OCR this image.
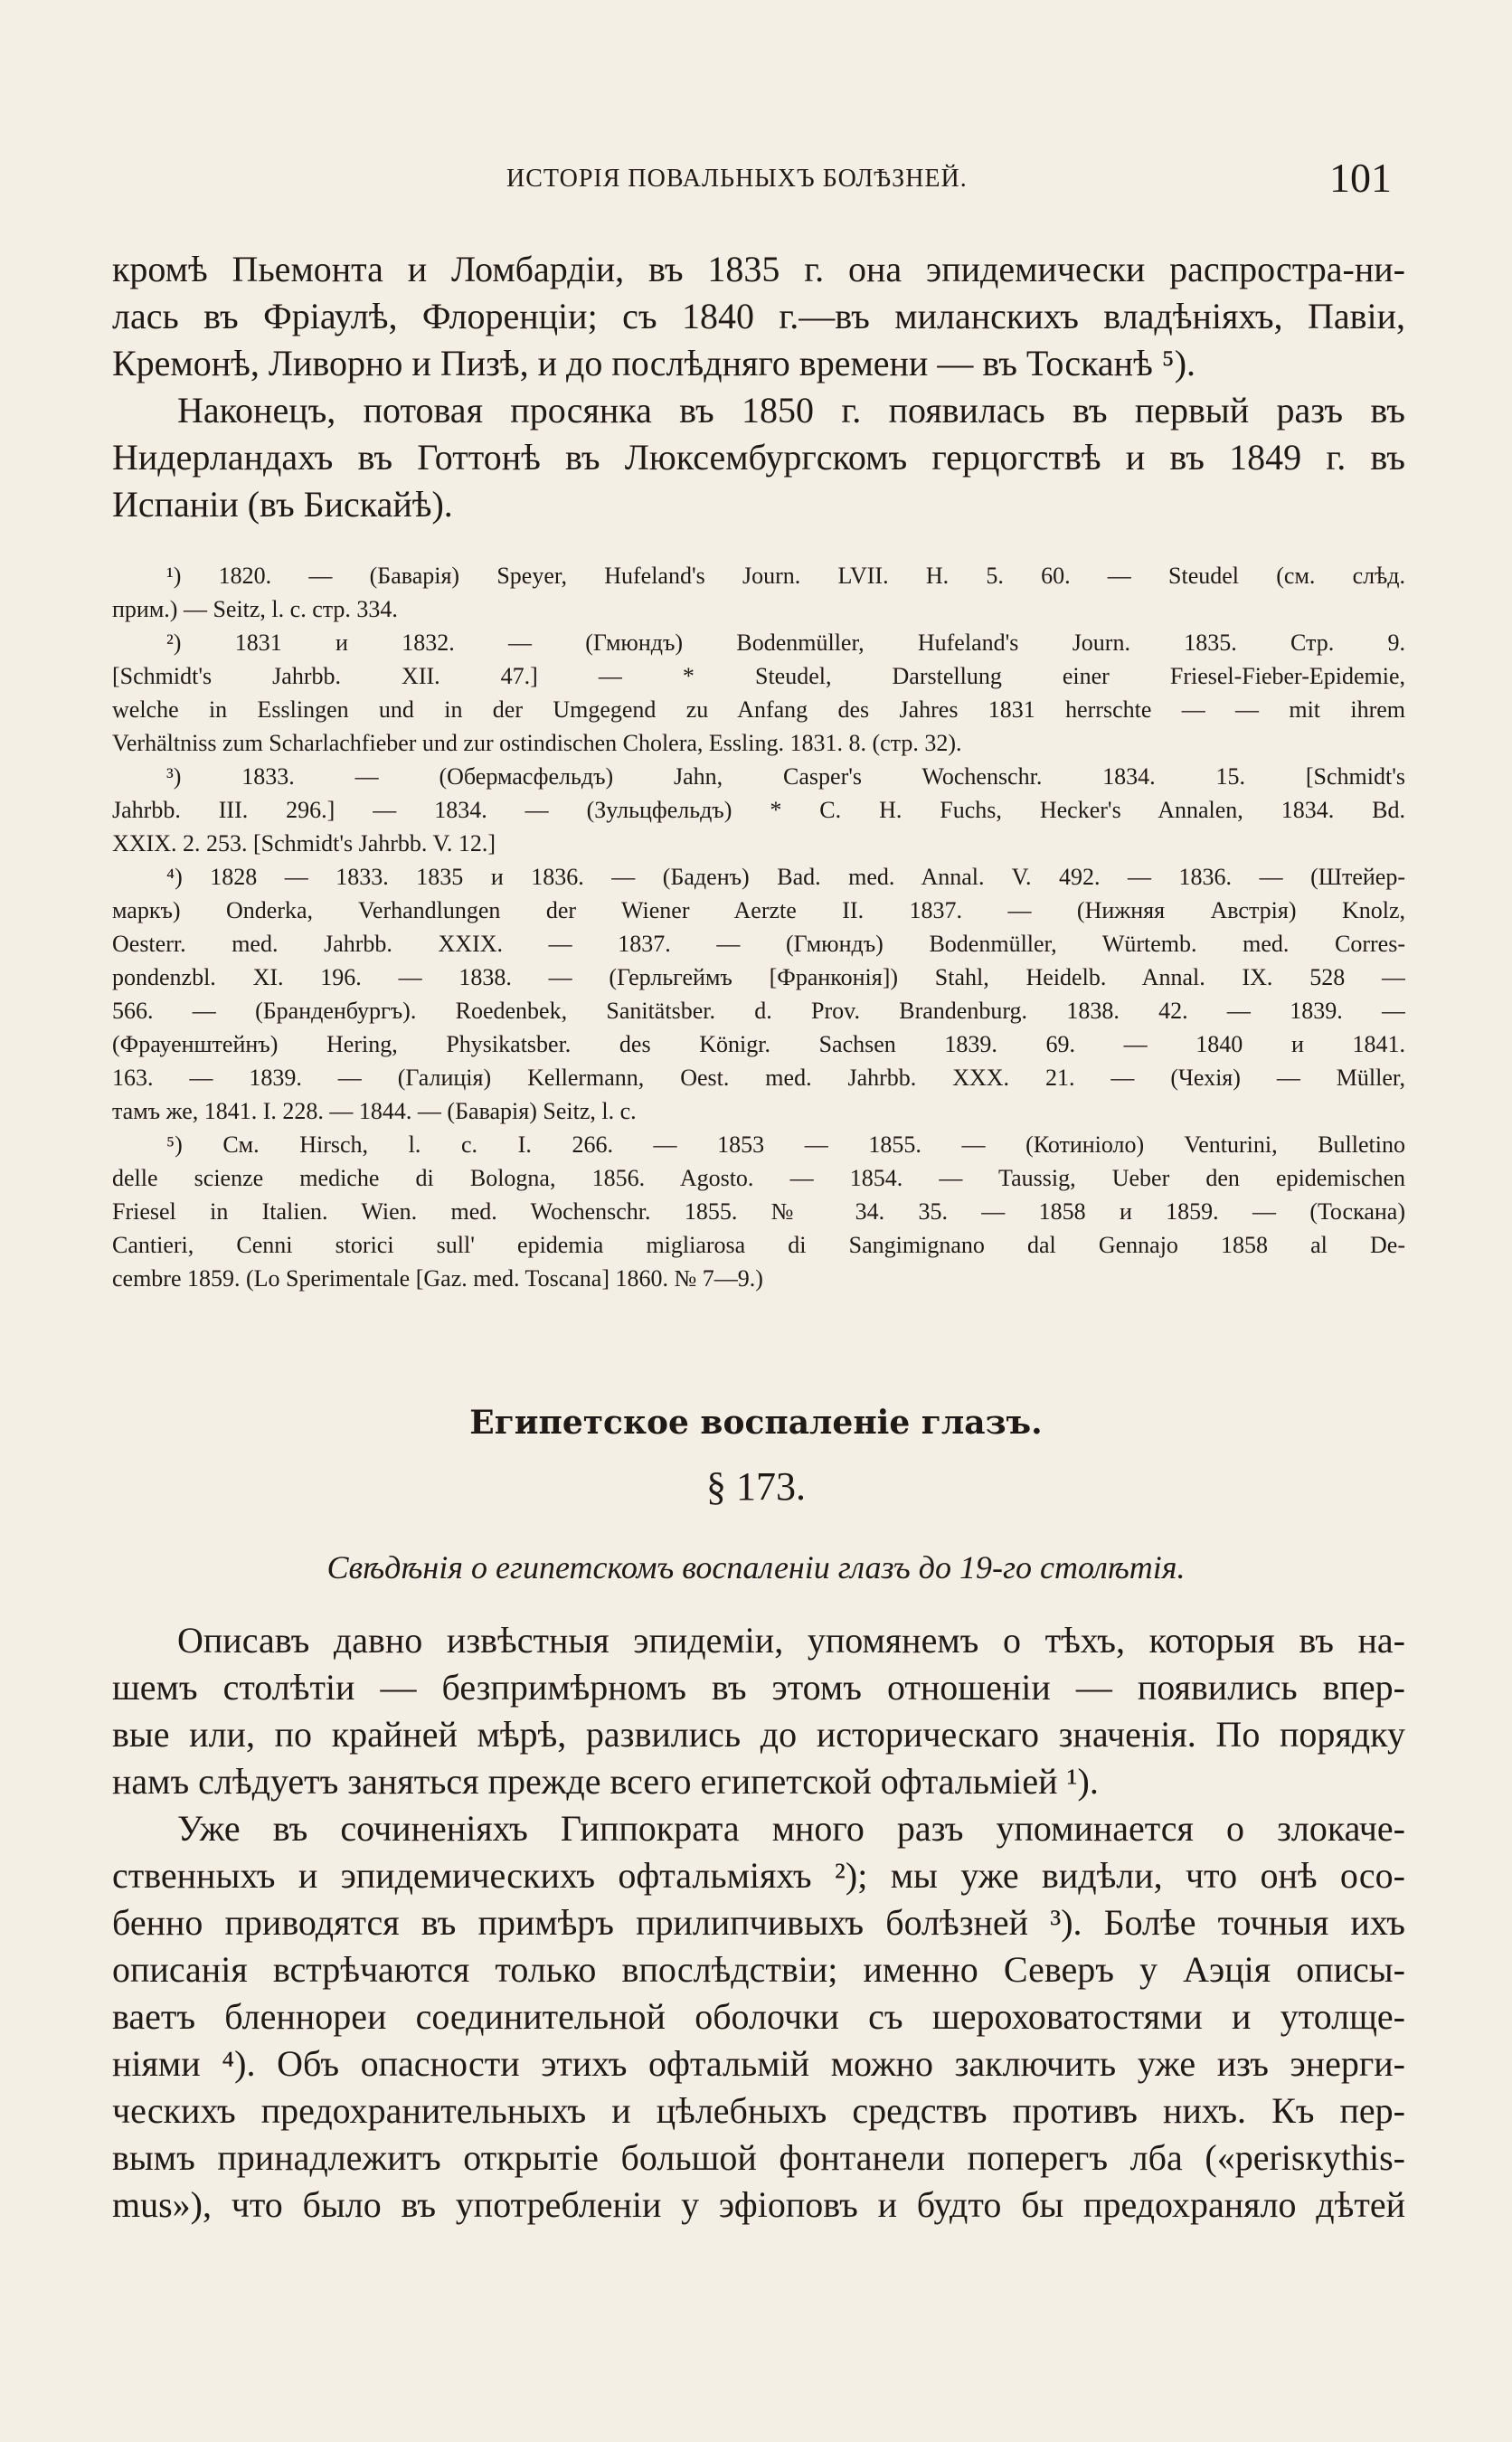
ИСТОРІЯ ПОВАЛЬНЫХЪ БОЛѢЗНЕЙ.	101
кромѣ Пьемонта и Ломбардіи, въ 1835 г. она эпидемически распростра-ни-
лась въ Фріаулѣ, Флоренціи; съ 1840 г.—въ миланскихъ владѣніяхъ, Павіи,
Кремонѣ, Ливорно и Пизѣ, и до послѣдняго времени — въ Тосканѣ ⁵).
Наконецъ, потовая просянка въ 1850 г. появилась въ первый разъ въ
Нидерландахъ въ Готтонѣ въ Люксембургскомъ герцогствѣ и въ 1849 г. въ
Испаніи (въ Бискайѣ).
¹) 1820. — (Баварія) Speyer, Hufeland's Journ. LVII. H. 5. 60. — Steudel (см. слѣд.
прим.) — Seitz, l. c. стр. 334.
²) 1831 и 1832. — (Гмюндъ) Bodenmüller, Hufeland's Journ. 1835. Стр. 9.
[Schmidt's Jahrbb. XII. 47.] — * Steudel, Darstellung einer Friesel-Fieber-Epidemie,
welche in Esslingen und in der Umgegend zu Anfang des Jahres 1831 herrschte — — mit ihrem
Verhältniss zum Scharlachfieber und zur ostindischen Cholera, Essling. 1831. 8. (стр. 32).
³) 1833. — (Обермасфельдъ) Jahn, Casper's Wochenschr. 1834. 15. [Schmidt's
Jahrbb. III. 296.] — 1834. — (Зульцфельдъ) * C. H. Fuchs, Hecker's Annalen, 1834. Bd.
XXIX. 2. 253. [Schmidt's Jahrbb. V. 12.]
⁴) 1828 — 1833. 1835 и 1836. — (Баденъ) Bad. med. Annal. V. 492. — 1836. — (Штейер-
маркъ) Onderka, Verhandlungen der Wiener Aerzte II. 1837. — (Нижняя Австрія) Knolz,
Oesterr. med. Jahrbb. XXIX. — 1837. — (Гмюндъ) Bodenmüller, Würtemb. med. Corres-
pondenzbl. XI. 196. — 1838. — (Герльгеймъ [Франконія]) Stahl, Heidelb. Annal. IX. 528 —
566. — (Бранденбургъ). Roedenbek, Sanitätsber. d. Prov. Brandenburg. 1838. 42. — 1839. —
(Фрауенштейнъ) Hering, Physikatsber. des Königr. Sachsen 1839. 69. — 1840 и 1841.
163. — 1839. — (Галиція) Kellermann, Oest. med. Jahrbb. XXX. 21. — (Чехія) — Müller,
тамъ же, 1841. I. 228. — 1844. — (Баварія) Seitz, l. c.
⁵) См. Hirsch, l. c. I. 266. — 1853 — 1855. — (Котиніоло) Venturini, Bulletino
delle scienze mediche di Bologna, 1856. Agosto. — 1854. — Taussig, Ueber den epidemischen
Friesel in Italien. Wien. med. Wochenschr. 1855. № 34. 35. — 1858 и 1859. — (Тоскана)
Cantieri, Cenni storici sull' epidemia migliarosa di Sangimignano dal Gennajo 1858 al De-
cembre 1859. (Lo Sperimentale [Gaz. med. Toscana] 1860. № 7—9.)
Египетское воспаленіе глазъ.
§ 173.
Свѣдѣнія о египетскомъ воспаленіи глазъ до 19-го столѣтія.
Описавъ давно извѣстныя эпидеміи, упомянемъ о тѣхъ, которыя въ на-
шемъ столѣтіи — безпримѣрномъ въ этомъ отношеніи — появились впер-
вые или, по крайней мѣрѣ, развились до историческаго значенія. По порядку
намъ слѣдуетъ заняться прежде всего египетской офтальміей ¹).
Уже въ сочиненіяхъ Гиппократа много разъ упоминается о злокаче-
ственныхъ и эпидемическихъ офтальміяхъ ²); мы уже видѣли, что онѣ осо-
бенно приводятся въ примѣръ прилипчивыхъ болѣзней ³). Болѣе точныя ихъ
описанія встрѣчаются только впослѣдствіи; именно Северъ у Аэція описы-
ваетъ бленнореи соединительной оболочки съ шероховатостями и утолще-
ніями ⁴). Объ опасности этихъ офтальмій можно заключить уже изъ энерги-
ческихъ предохранительныхъ и цѣлебныхъ средствъ противъ нихъ. Къ пер-
вымъ принадлежитъ открытіе большой фонтанели поперегъ лба («perisкythis-
mus»), что было въ употребленіи у эфіоповъ и будто бы предохраняло дѣтей
